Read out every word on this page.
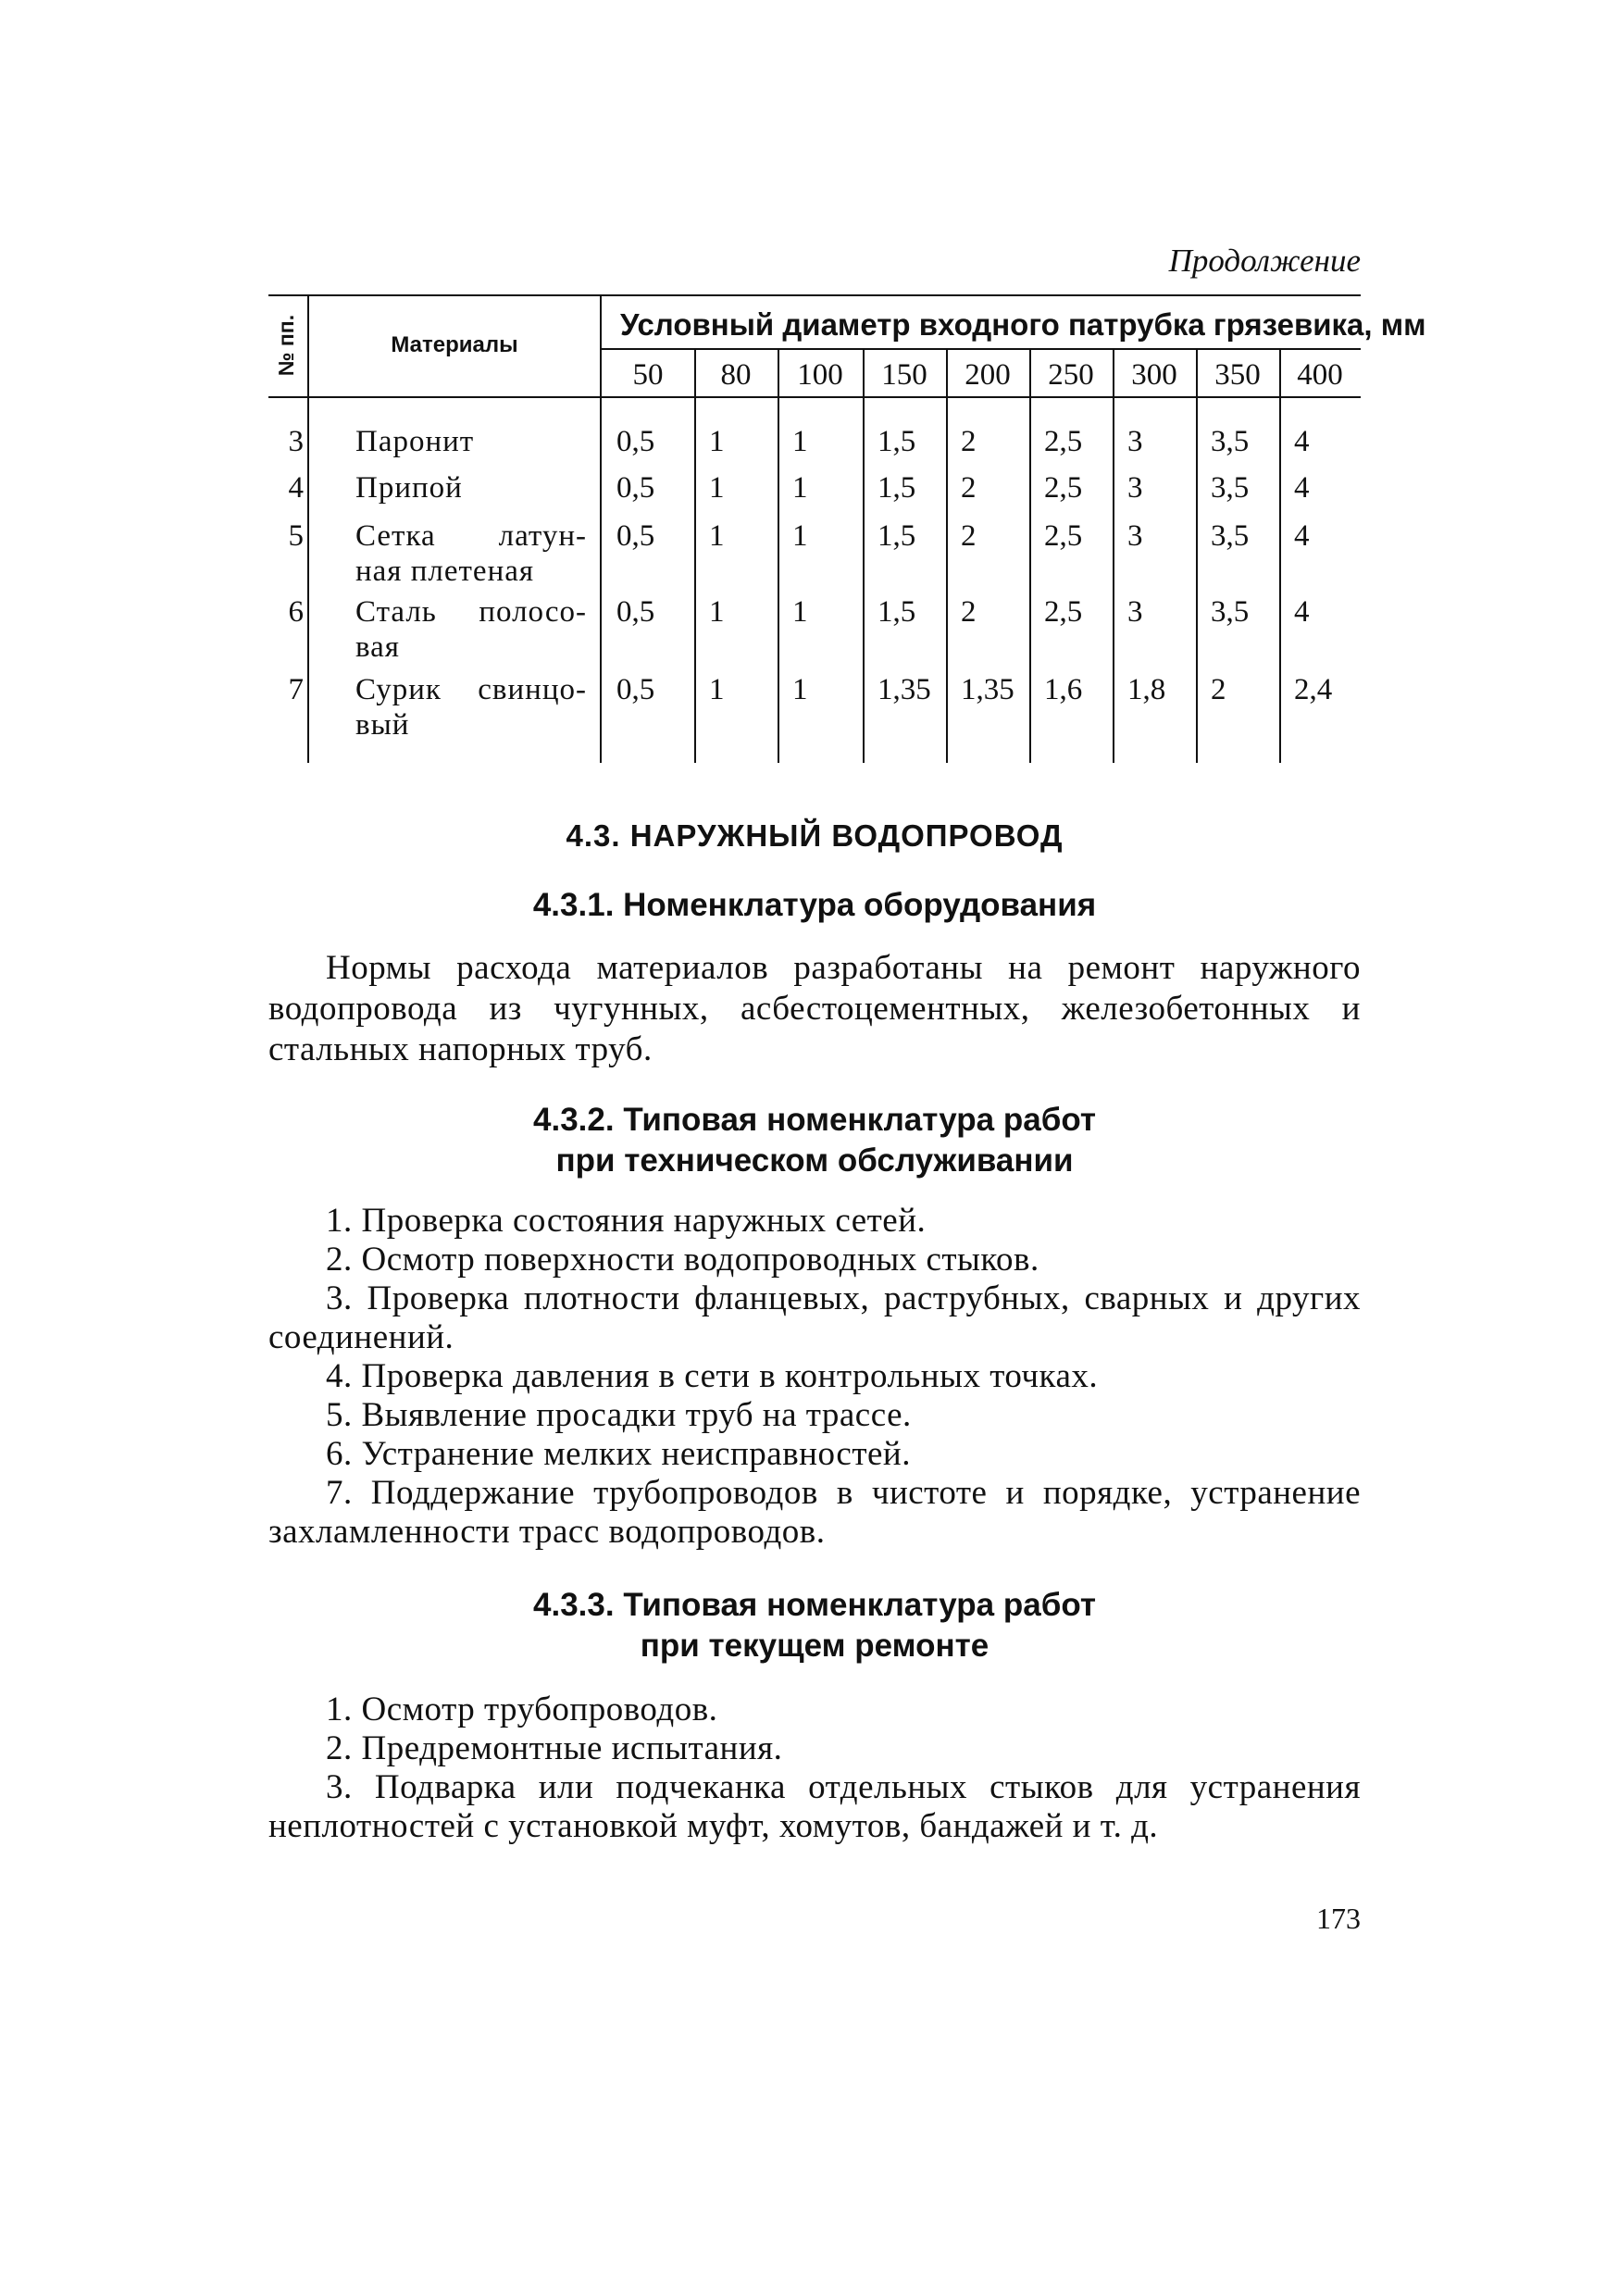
Продолжение
№ пп.	Материалы
Условный диаметр входного патрубка грязевика, мм
50	80	100	150	200	250	300	350	400
3 Паронит	0,5	1	1	1,5	2	2,5	3	3,5	4
4 Припой	0,5	1	1	1,5	2	2,5	3	3,5	4
5 Сетка латун-
ная плетеная
0,5	1	1	1,5	2	2,5	3	3,5	4
6 Сталь полосо-
вая
0,5	1	1	1,5	2	2,5	3	3,5	4
7 Сурик свинцо-
вый
0,5	1	1	1,35 1,35 1,6	1,8	2	2,4
4.3. НАРУЖНЫЙ ВОДОПРОВОД
4.3.1. Номенклатура оборудования
Нормы расхода материалов разработаны на ремонт наружного водопровода из чугунных, асбестоцементных, железобетонных и стальных напорных труб.
4.3.2. Типовая номенклатура работ
при техническом обслуживании
1. Проверка состояния наружных сетей.
2. Осмотр поверхности водопроводных стыков.
3. Проверка плотности фланцевых, раструбных, сварных и других соединений.
4. Проверка давления в сети в контрольных точках.
5. Выявление просадки труб на трассе.
6. Устранение мелких неисправностей.
7. Поддержание трубопроводов в чистоте и порядке, устранение захламленности трасс водопроводов.
4.3.3. Типовая номенклатура работ
при текущем ремонте
1. Осмотр трубопроводов.
2. Предремонтные испытания.
3. Подварка или подчеканка отдельных стыков для устранения неплотностей с установкой муфт, хомутов, бандажей и т. д.
173
